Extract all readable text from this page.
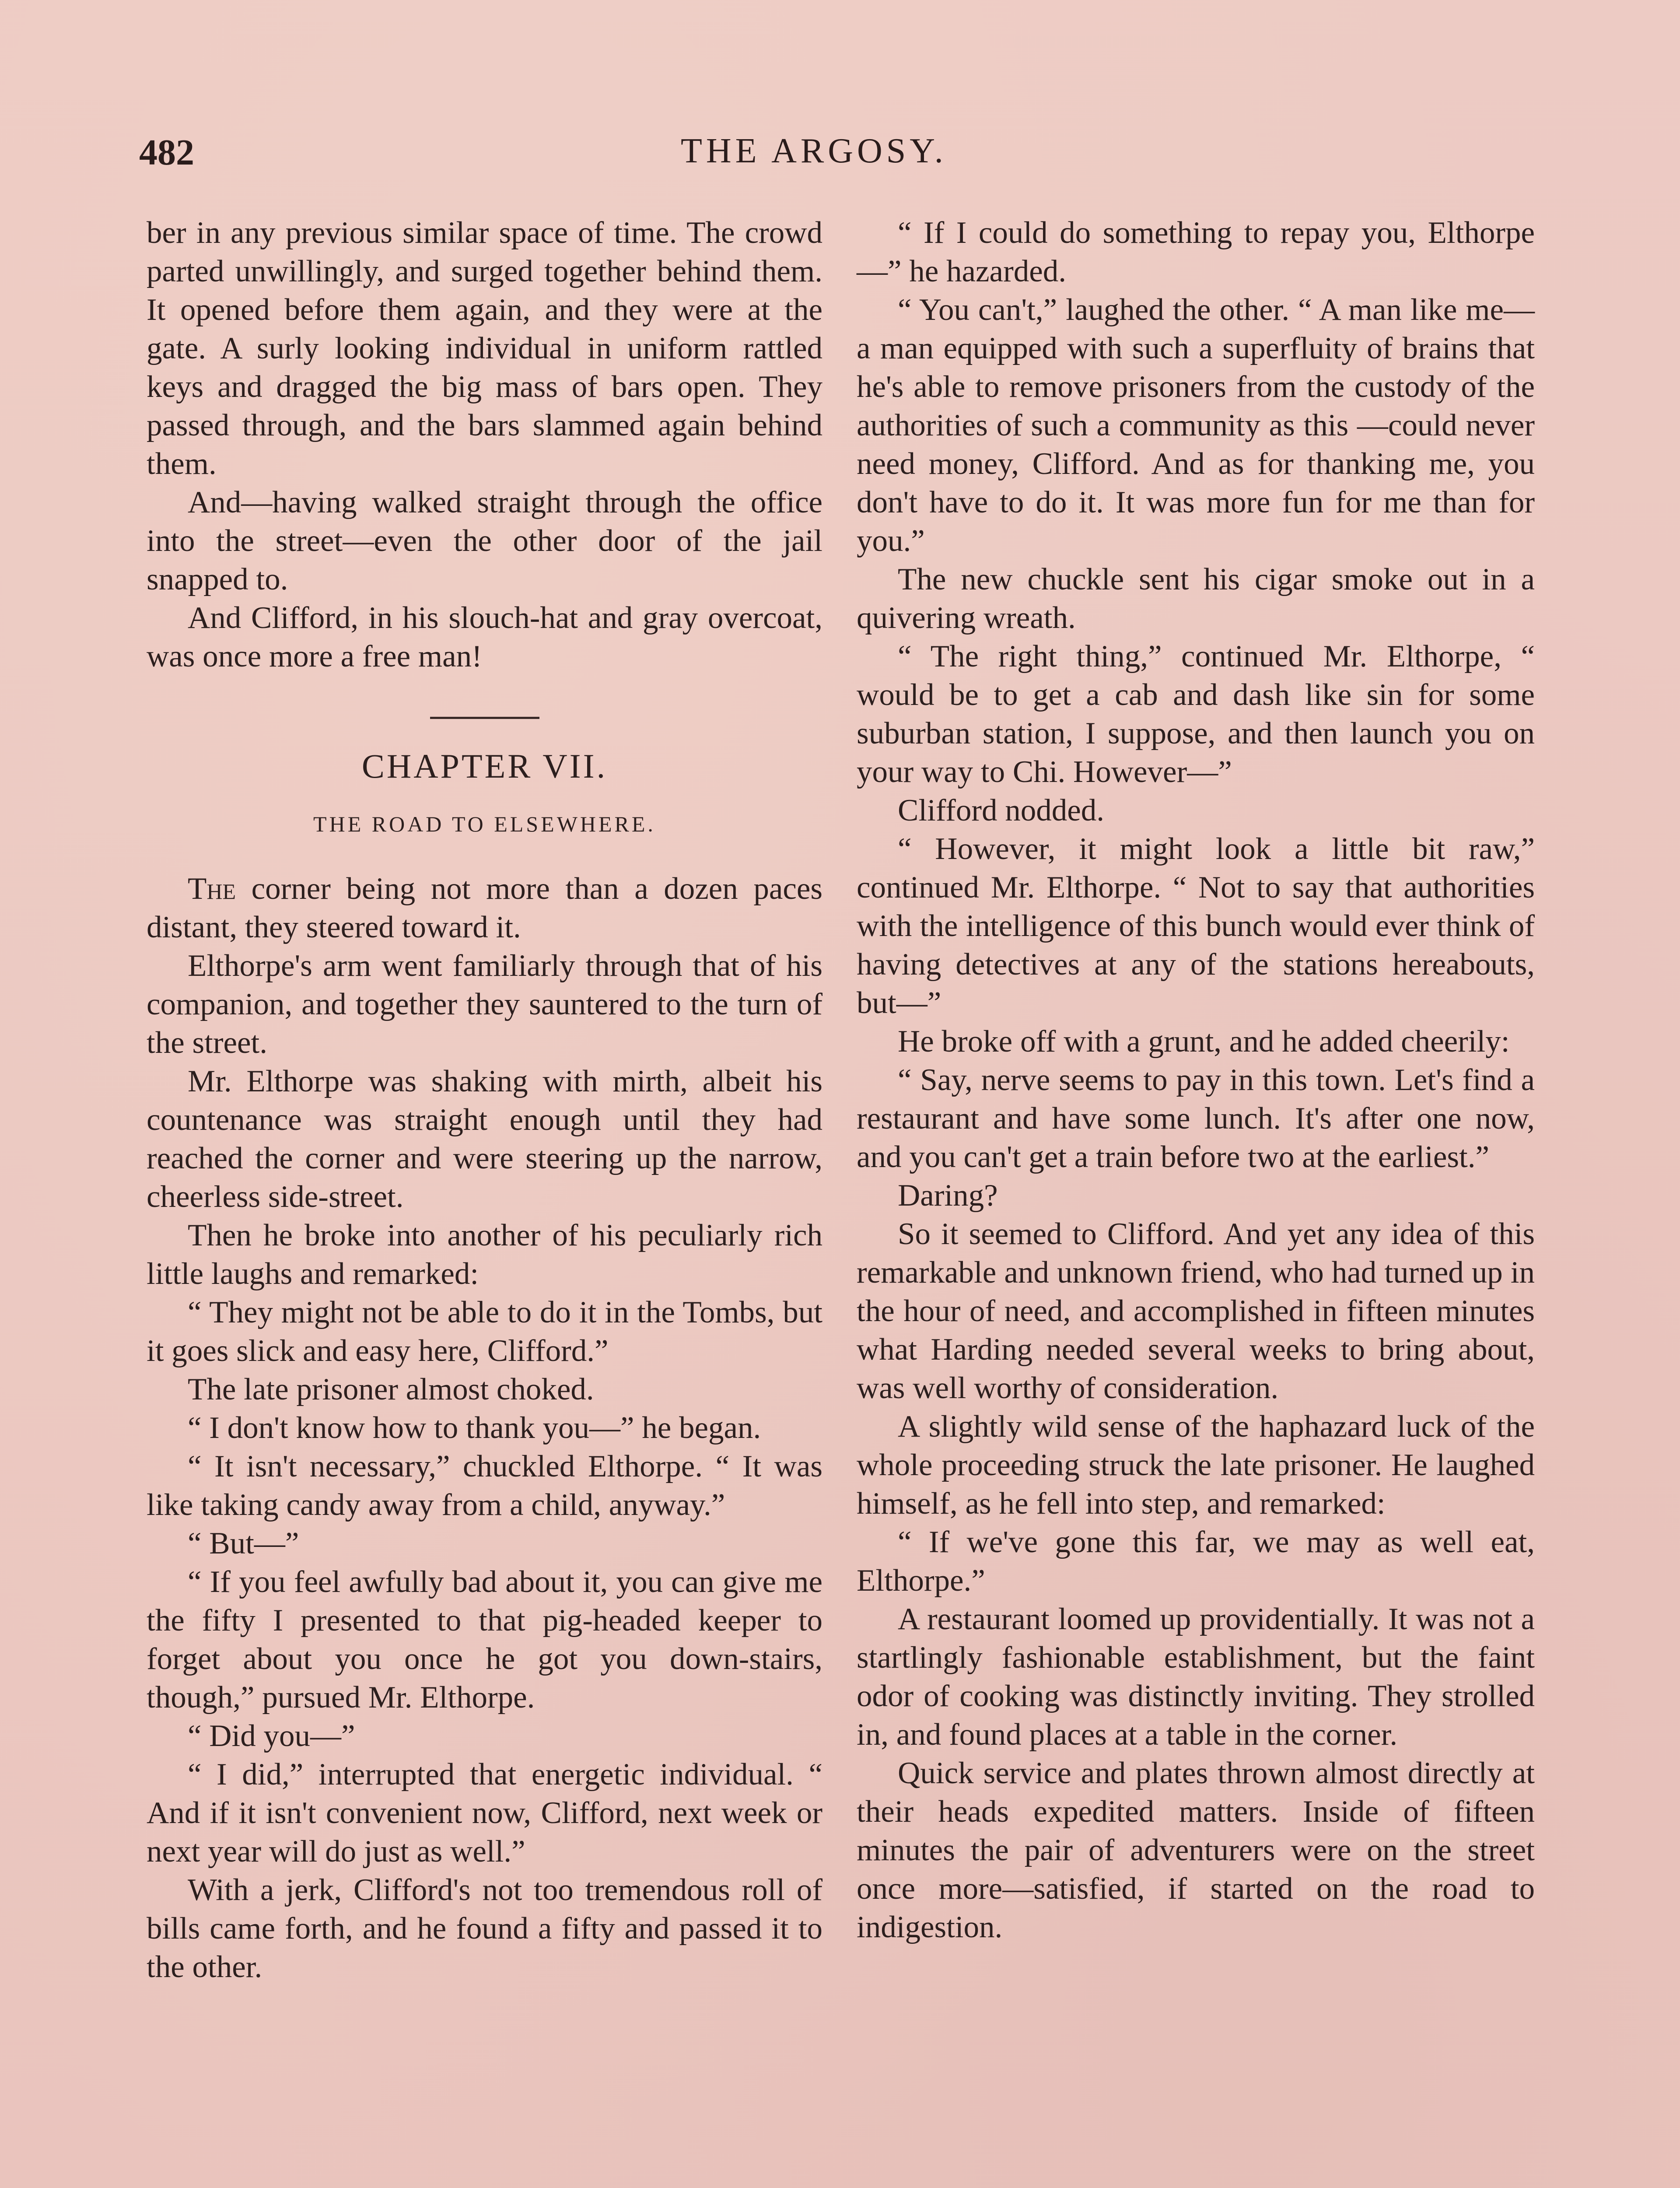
482	THE ARGOSY.

ber in any previous similar space of time. The crowd parted unwillingly, and surged together behind them. It opened before them again, and they were at the gate. A surly looking individual in uniform rattled keys and dragged the big mass of bars open. They passed through, and the bars slammed again behind them.

And—having walked straight through the office into the street—even the other door of the jail snapped to.

And Clifford, in his slouch-hat and gray overcoat, was once more a free man!

CHAPTER VII.
THE ROAD TO ELSEWHERE.

The corner being not more than a dozen paces distant, they steered toward it.

Elthorpe's arm went familiarly through that of his companion, and together they sauntered to the turn of the street.

Mr. Elthorpe was shaking with mirth, albeit his countenance was straight enough until they had reached the corner and were steering up the narrow, cheerless side-street.

Then he broke into another of his peculiarly rich little laughs and remarked:

“ They might not be able to do it in the Tombs, but it goes slick and easy here, Clifford.”

The late prisoner almost choked.

“ I don't know how to thank you—” he began.

“ It isn't necessary,” chuckled Elthorpe. “ It was like taking candy away from a child, anyway.”

“ But—”

“ If you feel awfully bad about it, you can give me the fifty I presented to that pig-headed keeper to forget about you once he got you down-stairs, though,” pursued Mr. Elthorpe.

“ Did you—”

“ I did,” interrupted that energetic individual. “ And if it isn't convenient now, Clifford, next week or next year will do just as well.”

With a jerk, Clifford's not too tremendous roll of bills came forth, and he found a fifty and passed it to the other.

“ If I could do something to repay you, Elthorpe—” he hazarded.

“ You can't,” laughed the other. “ A man like me—a man equipped with such a superfluity of brains that he's able to remove prisoners from the custody of the authorities of such a community as this —could never need money, Clifford. And as for thanking me, you don't have to do it. It was more fun for me than for you.”

The new chuckle sent his cigar smoke out in a quivering wreath.

“ The right thing,” continued Mr. Elthorpe, “ would be to get a cab and dash like sin for some suburban station, I suppose, and then launch you on your way to Chi. However—”

Clifford nodded.

“ However, it might look a little bit raw,” continued Mr. Elthorpe. “ Not to say that authorities with the intelligence of this bunch would ever think of having detectives at any of the stations hereabouts, but—”

He broke off with a grunt, and he added cheerily:

“ Say, nerve seems to pay in this town. Let's find a restaurant and have some lunch. It's after one now, and you can't get a train before two at the earliest.”

Daring?

So it seemed to Clifford. And yet any idea of this remarkable and unknown friend, who had turned up in the hour of need, and accomplished in fifteen minutes what Harding needed several weeks to bring about, was well worthy of consideration.

A slightly wild sense of the haphazard luck of the whole proceeding struck the late prisoner. He laughed himself, as he fell into step, and remarked:

“ If we've gone this far, we may as well eat, Elthorpe.”

A restaurant loomed up providentially. It was not a startlingly fashionable establishment, but the faint odor of cooking was distinctly inviting. They strolled in, and found places at a table in the corner.

Quick service and plates thrown almost directly at their heads expedited matters. Inside of fifteen minutes the pair of adventurers were on the street once more—satisfied, if started on the road to indigestion.
